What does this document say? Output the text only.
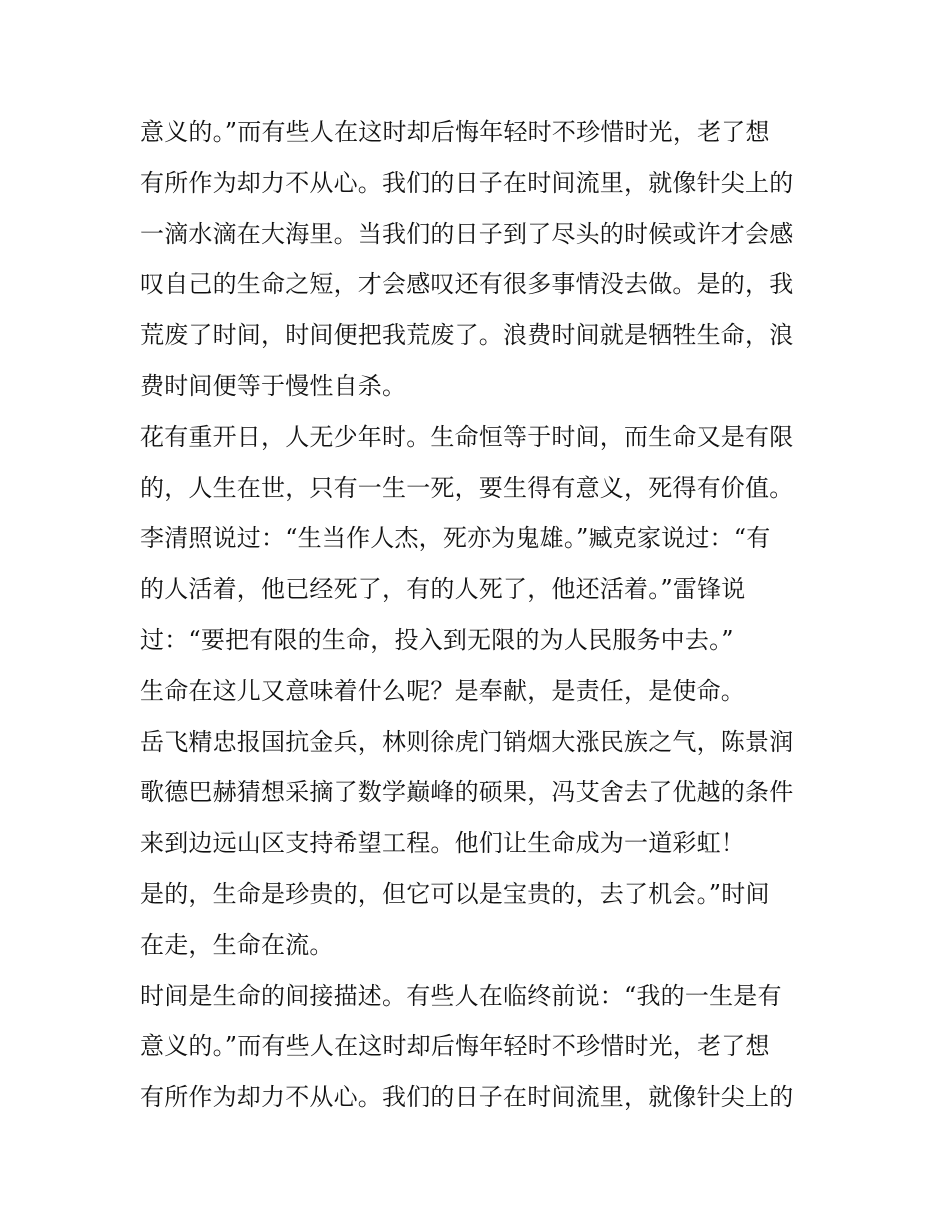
意义的。”而有些人在这时却后悔年轻时不珍惜时光，老了想
有所作为却力不从心。我们的日子在时间流里，就像针尖上的
一滴水滴在大海里。当我们的日子到了尽头的时候或许才会感
叹自己的生命之短，才会感叹还有很多事情没去做。是的，我
荒废了时间，时间便把我荒废了。浪费时间就是牺牲生命，浪
费时间便等于慢性自杀。
花有重开日，人无少年时。生命恒等于时间，而生命又是有限
的，人生在世，只有一生一死，要生得有意义，死得有价值。
李清照说过：“生当作人杰，死亦为鬼雄。”臧克家说过：“有
的人活着，他已经死了，有的人死了，他还活着。”雷锋说
过：“要把有限的生命，投入到无限的为人民服务中去。”
生命在这儿又意味着什么呢？是奉献，是责任，是使命。
岳飞精忠报国抗金兵，林则徐虎门销烟大涨民族之气，陈景润
歌德巴赫猜想采摘了数学巅峰的硕果，冯艾舍去了优越的条件
来到边远山区支持希望工程。他们让生命成为一道彩虹！
是的，生命是珍贵的，但它可以是宝贵的，去了机会。”时间
在走，生命在流。
时间是生命的间接描述。有些人在临终前说：“我的一生是有
意义的。”而有些人在这时却后悔年轻时不珍惜时光，老了想
有所作为却力不从心。我们的日子在时间流里，就像针尖上的
